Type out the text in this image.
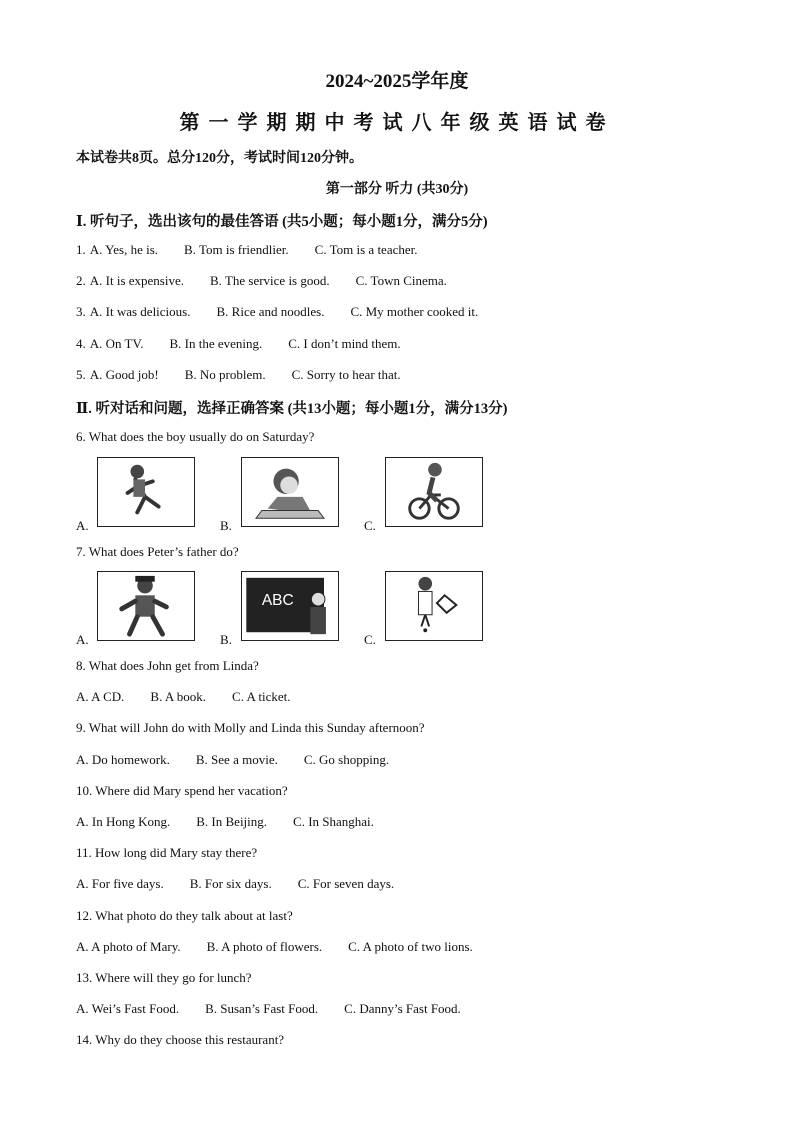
2024~2025学年度
第一学期期中考试八年级英语试卷
本试卷共8页。总分120分，考试时间120分钟。
第一部分 听力 (共30分)
Ⅰ. 听句子，选出该句的最佳答语 (共5小题；每小题1分，满分5分)
1. A. Yes, he is. B. Tom is friendlier. C. Tom is a teacher.
2. A. It is expensive. B. The service is good. C. Town Cinema.
3. A. It was delicious. B. Rice and noodles. C. My mother cooked it.
4. A. On TV. B. In the evening. C. I don’t mind them.
5. A. Good job! B. No problem. C. Sorry to hear that.
Ⅱ. 听对话和问题，选择正确答案 (共13小题；每小题1分，满分13分)
6. What does the boy usually do on Saturday?
A.	B.	C.
7. What does Peter’s father do?
ABC
A.	B.	C.
8. What does John get from Linda?
A. A CD. B. A book. C. A ticket.
9. What will John do with Molly and Linda this Sunday afternoon?
A. Do homework. B. See a movie. C. Go shopping.
10. Where did Mary spend her vacation?
A. In Hong Kong. B. In Beijing. C. In Shanghai.
11. How long did Mary stay there?
A. For five days. B. For six days. C. For seven days.
12. What photo do they talk about at last?
A. A photo of Mary. B. A photo of flowers. C. A photo of two lions.
13. Where will they go for lunch?
A. Wei’s Fast Food. B. Susan’s Fast Food. C. Danny’s Fast Food.
14. Why do they choose this restaurant?
